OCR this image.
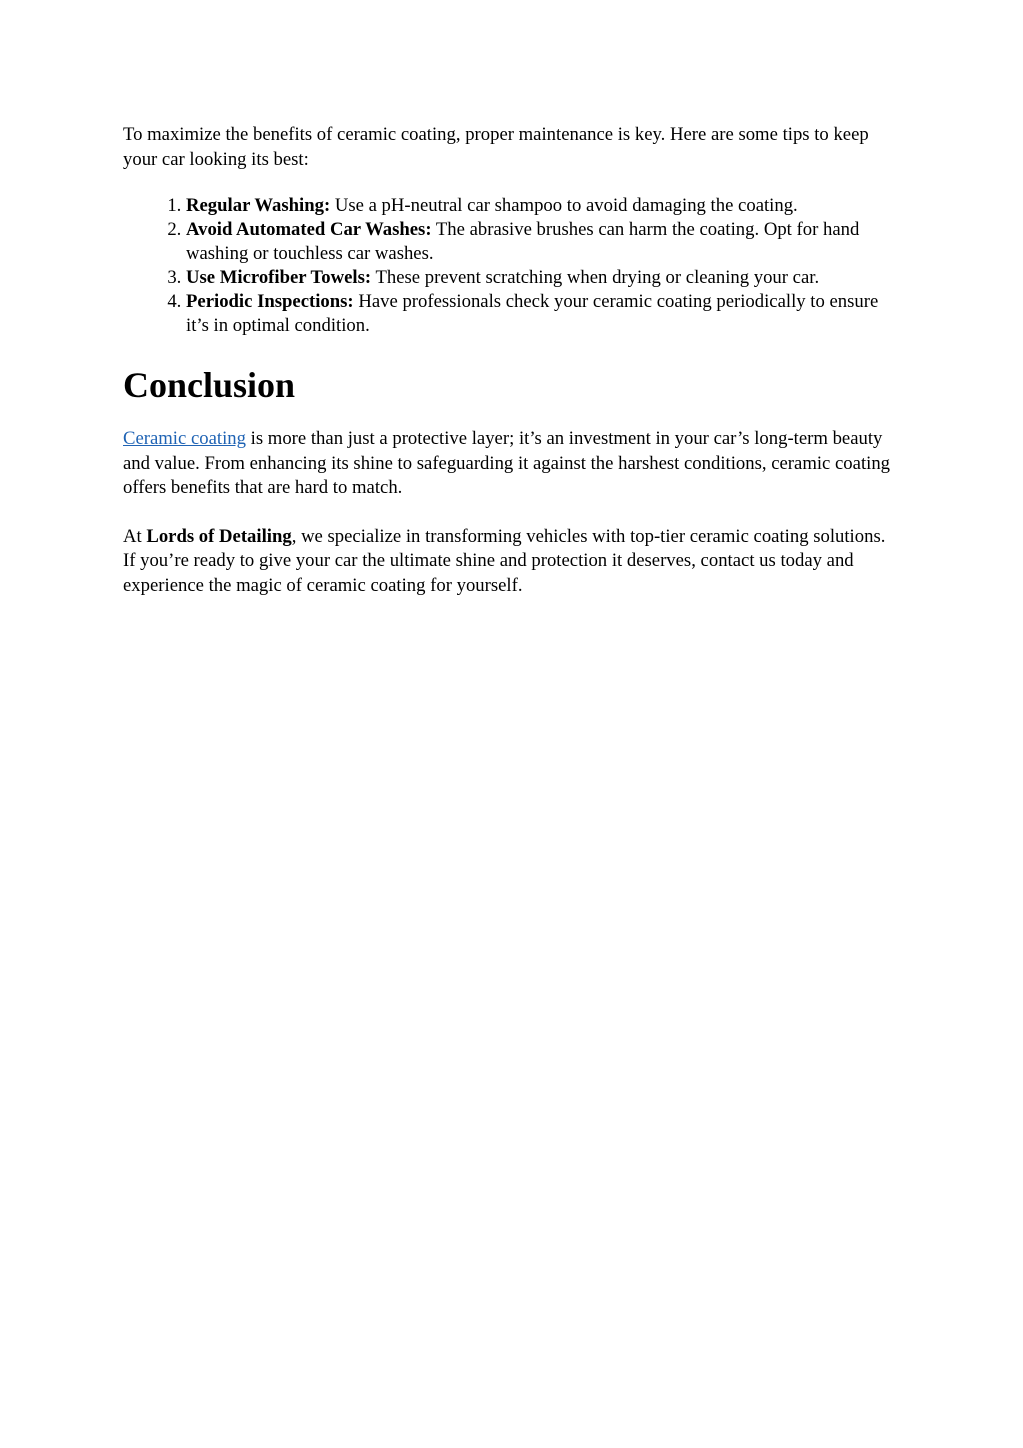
To maximize the benefits of ceramic coating, proper maintenance is key. Here are some tips to keep your car looking its best:

1. Regular Washing: Use a pH-neutral car shampoo to avoid damaging the coating.
2. Avoid Automated Car Washes: The abrasive brushes can harm the coating. Opt for hand washing or touchless car washes.
3. Use Microfiber Towels: These prevent scratching when drying or cleaning your car.
4. Periodic Inspections: Have professionals check your ceramic coating periodically to ensure it’s in optimal condition.
Conclusion

Ceramic coating is more than just a protective layer; it’s an investment in your car’s long-term beauty and value. From enhancing its shine to safeguarding it against the harshest conditions, ceramic coating offers benefits that are hard to match.

At Lords of Detailing, we specialize in transforming vehicles with top-tier ceramic coating solutions. If you’re ready to give your car the ultimate shine and protection it deserves, contact us today and experience the magic of ceramic coating for yourself.
